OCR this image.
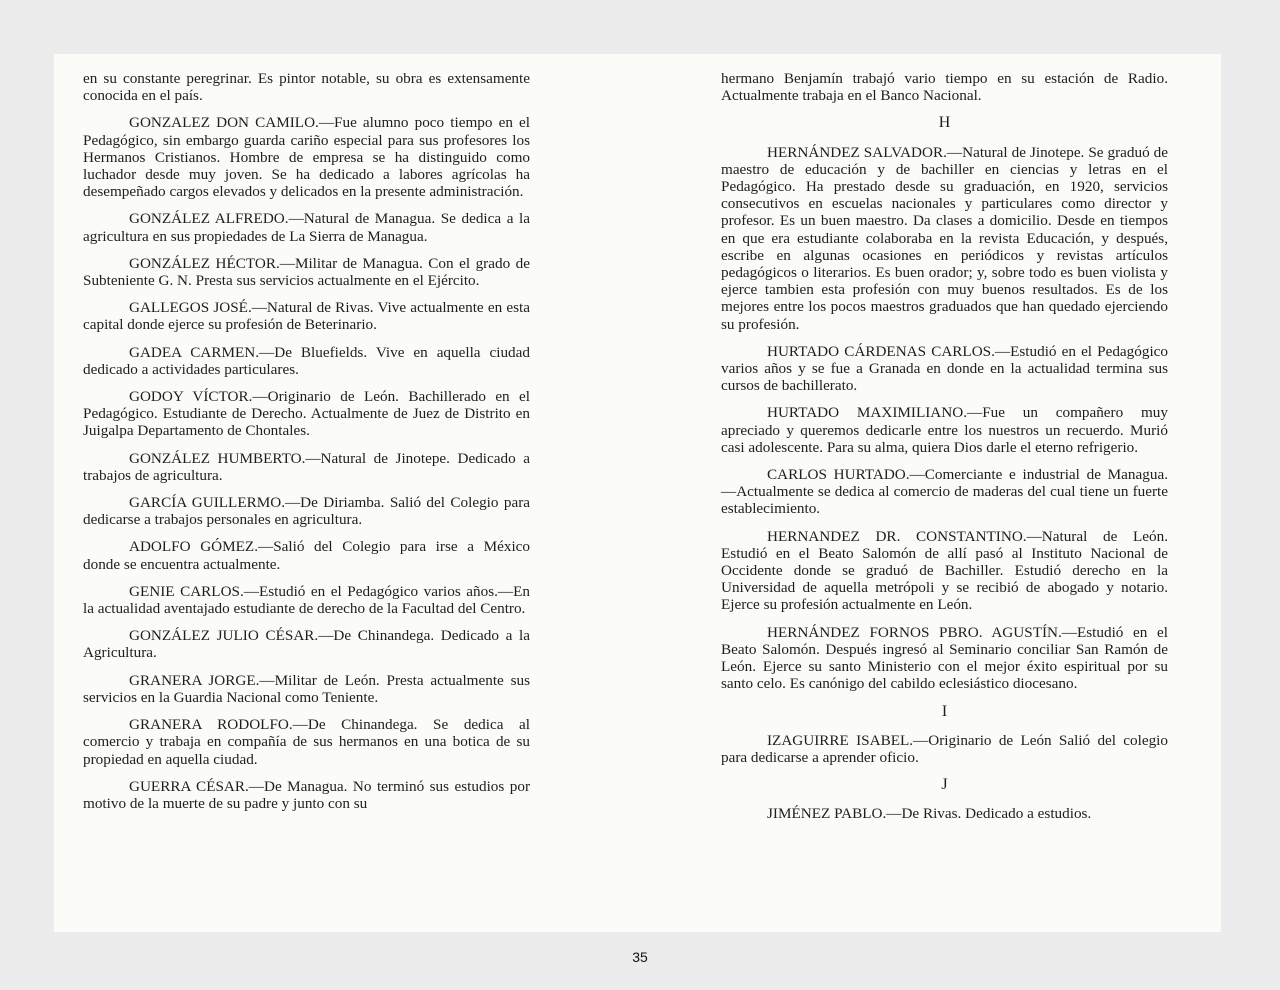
en su constante peregrinar. Es pintor notable, su obra es extensamente conocida en el país.

GONZALEZ DON CAMILO.—Fue alumno poco tiempo en el Pedagógico, sin embargo guarda cariño especial para sus profesores los Hermanos Cristianos. Hombre de empresa se ha distinguido como luchador desde muy joven. Se ha dedicado a labores agrícolas ha desempeñado cargos elevados y delicados en la presente administración.

GONZÁLEZ ALFREDO.—Natural de Managua. Se dedica a la agricultura en sus propiedades de La Sierra de Managua.

GONZÁLEZ HÉCTOR.—Militar de Managua. Con el grado de Subteniente G. N. Presta sus servicios actualmente en el Ejército.

GALLEGOS JOSÉ.—Natural de Rivas. Vive actualmente en esta capital donde ejerce su profesión de Beterinario.

GADEA CARMEN.—De Bluefields. Vive en aquella ciudad dedicado a actividades particulares.

GODOY VÍCTOR.—Originario de León. Bachillerado en el Pedagógico. Estudiante de Derecho. Actualmente de Juez de Distrito en Juigalpa Departamento de Chontales.

GONZÁLEZ HUMBERTO.—Natural de Jinotepe. Dedicado a trabajos de agricultura.

GARCÍA GUILLERMO.—De Diriamba. Salió del Colegio para dedicarse a trabajos personales en agricultura.

ADOLFO GÓMEZ.—Salió del Colegio para irse a México donde se encuentra actualmente.

GENIE CARLOS.—Estudió en el Pedagógico varios años.—En la actualidad aventajado estudiante de derecho de la Facultad del Centro.

GONZÁLEZ JULIO CÉSAR.—De Chinandega. Dedicado a la Agricultura.

GRANERA JORGE.—Militar de León. Presta actualmente sus servicios en la Guardia Nacional como Teniente.

GRANERA RODOLFO.—De Chinandega. Se dedica al comercio y trabaja en compañía de sus hermanos en una botica de su propiedad en aquella ciudad.

GUERRA CÉSAR.—De Managua. No terminó sus estudios por motivo de la muerte de su padre y junto con su

hermano Benjamín trabajó vario tiempo en su estación de Radio. Actualmente trabaja en el Banco Nacional.

H

HERNÁNDEZ SALVADOR.—Natural de Jinotepe. Se graduó de maestro de educación y de bachiller en ciencias y letras en el Pedagógico. Ha prestado desde su graduación, en 1920, servicios consecutivos en escuelas nacionales y particulares como director y profesor. Es un buen maestro. Da clases a domicilio. Desde en tiempos en que era estudiante colaboraba en la revista Educación, y después, escribe en algunas ocasiones en periódicos y revistas artículos pedagógicos o literarios. Es buen orador; y, sobre todo es buen violista y ejerce tambien esta profesión con muy buenos resultados. Es de los mejores entre los pocos maestros graduados que han quedado ejerciendo su profesión.

HURTADO CÁRDENAS CARLOS.—Estudió en el Pedagógico varios años y se fue a Granada en donde en la actualidad termina sus cursos de bachillerato.

HURTADO MAXIMILIANO.—Fue un compañero muy apreciado y queremos dedicarle entre los nuestros un recuerdo. Murió casi adolescente. Para su alma, quiera Dios darle el eterno refrigerio.

CARLOS HURTADO.—Comerciante e industrial de Managua.—Actualmente se dedica al comercio de maderas del cual tiene un fuerte establecimiento.

HERNANDEZ DR. CONSTANTINO.—Natural de León. Estudió en el Beato Salomón de allí pasó al Instituto Nacional de Occidente donde se graduó de Bachiller. Estudió derecho en la Universidad de aquella metrópoli y se recibió de abogado y notario. Ejerce su profesión actualmente en León.

HERNÁNDEZ FORNOS PBRO. AGUSTÍN.—Estudió en el Beato Salomón. Después ingresó al Seminario conciliar San Ramón de León. Ejerce su santo Ministerio con el mejor éxito espiritual por su santo celo. Es canónigo del cabildo eclesiástico diocesano.

I

IZAGUIRRE ISABEL.—Originario de León Salió del colegio para dedicarse a aprender oficio.

J

JIMÉNEZ PABLO.—De Rivas. Dedicado a estudios.

35
